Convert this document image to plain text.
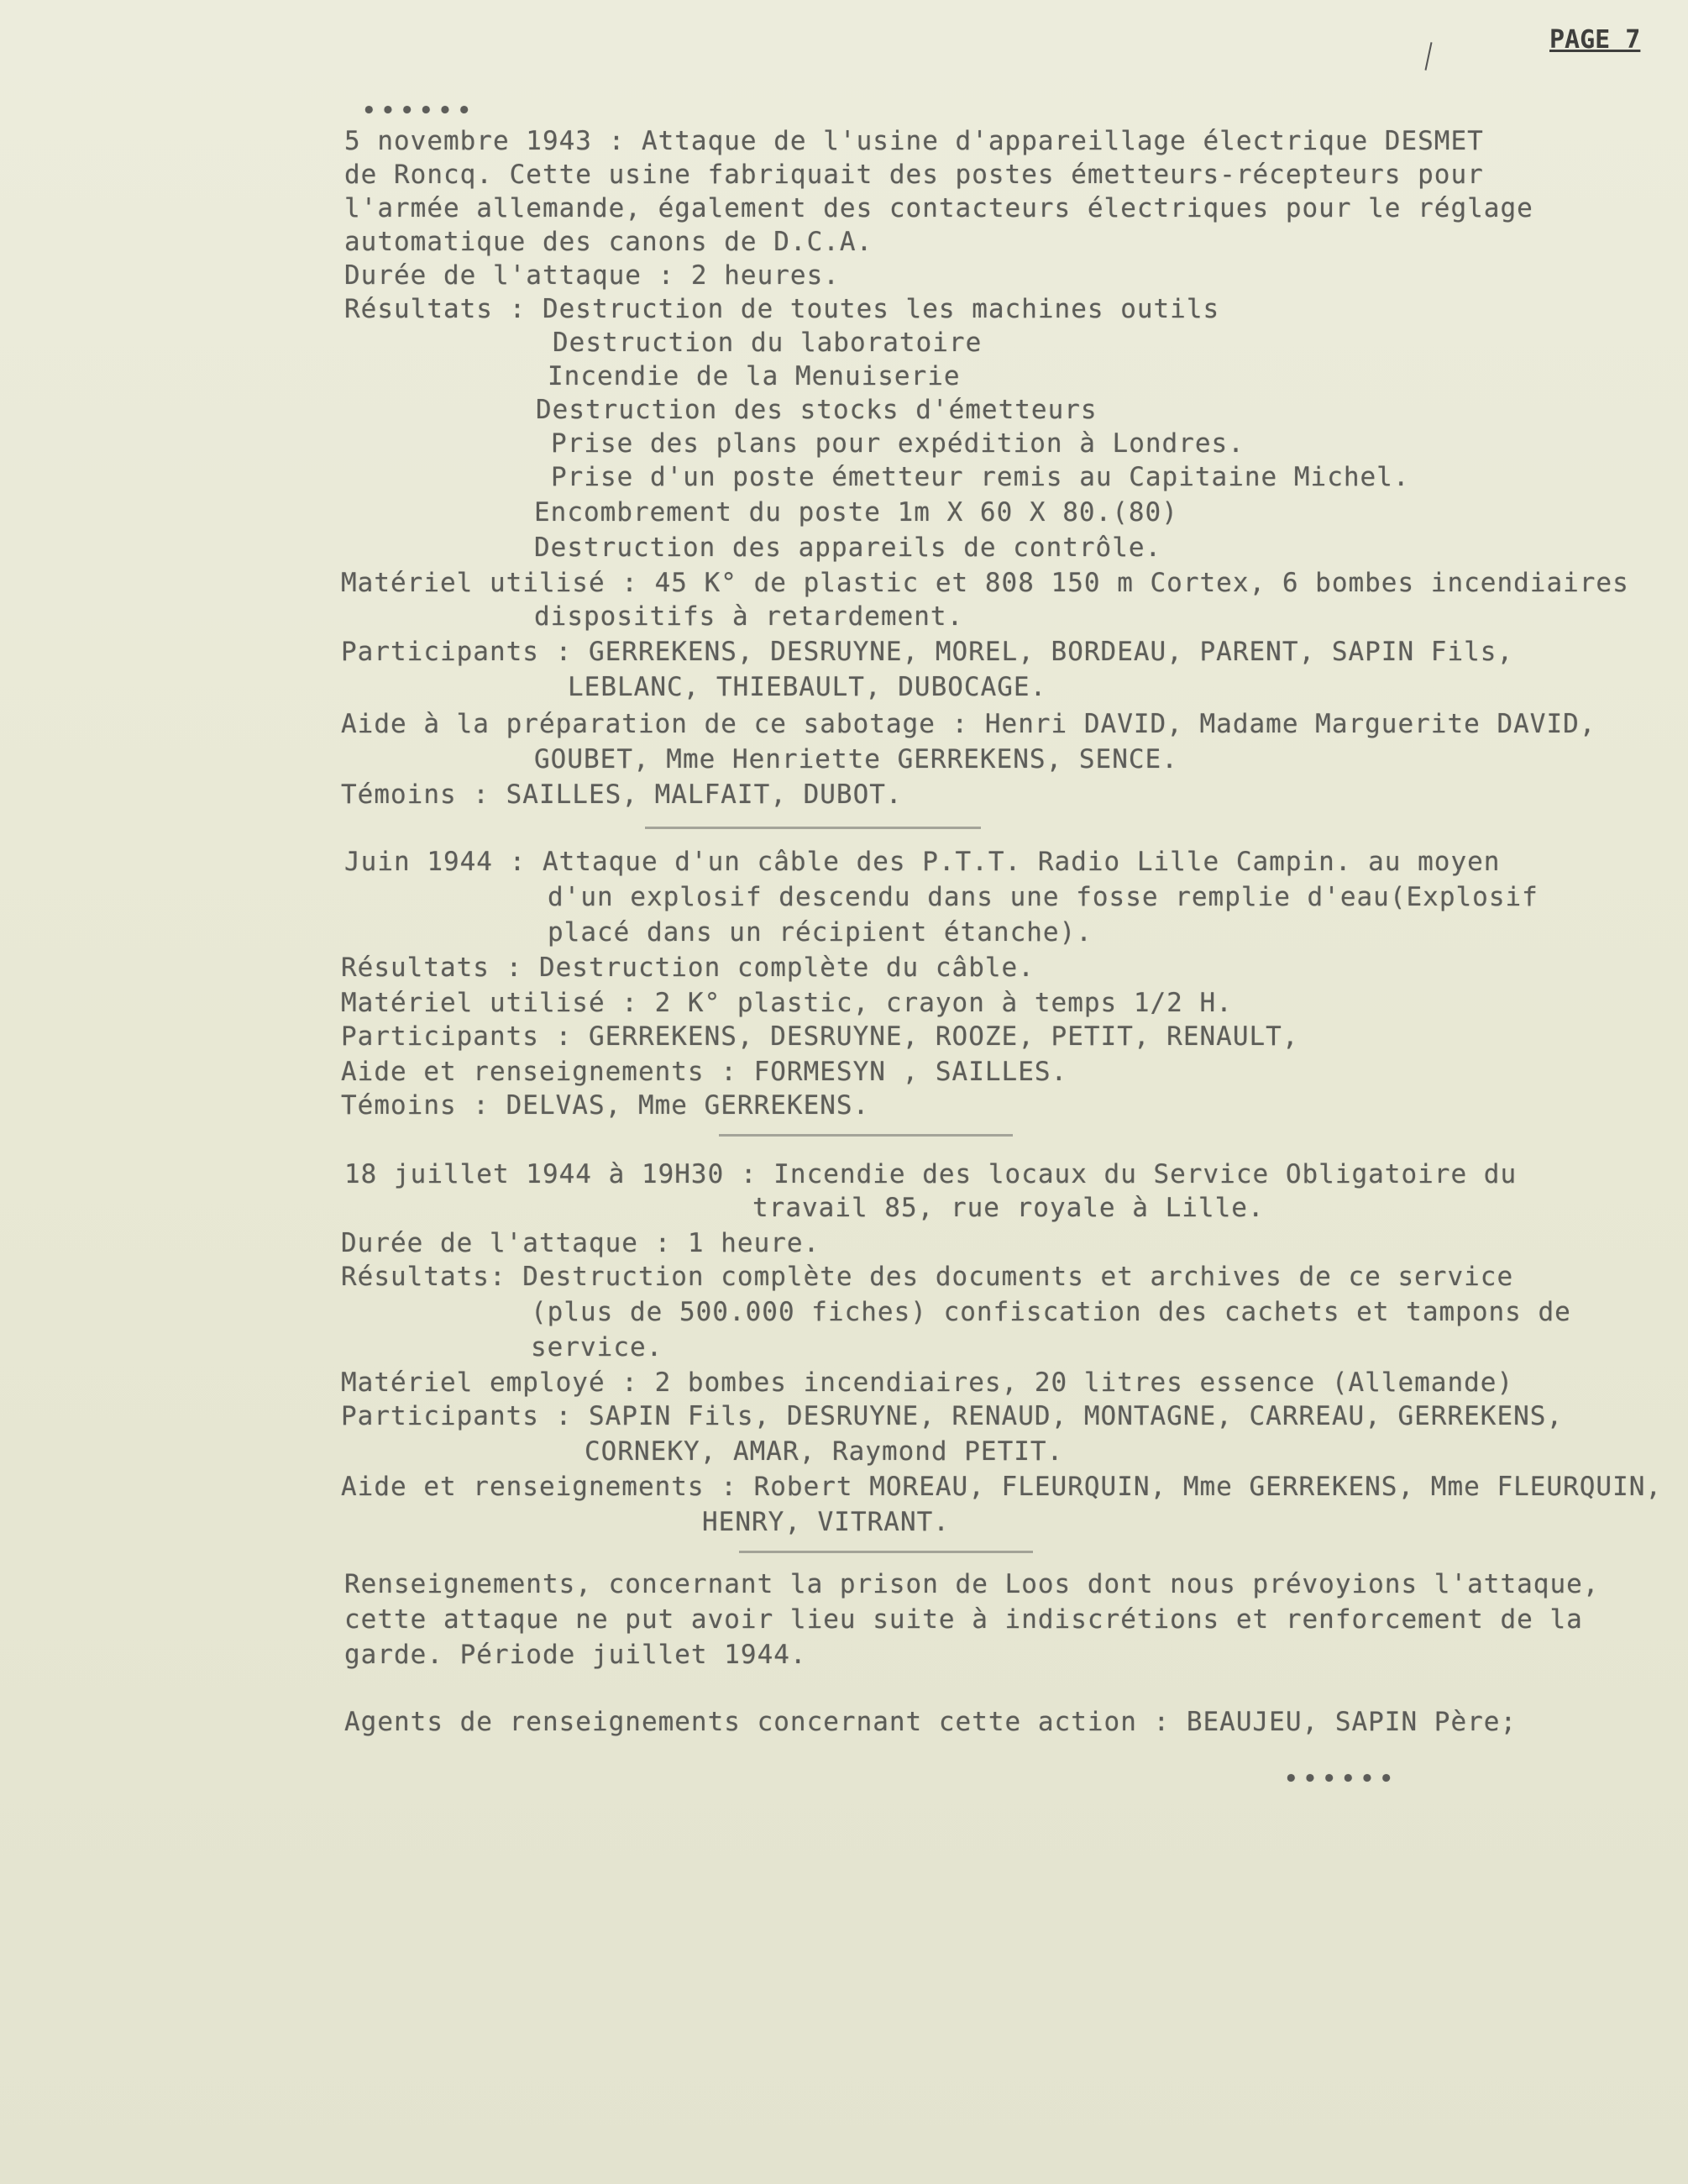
PAGE 7
••••••
5 novembre 1943 : Attaque de l'usine d'appareillage électrique DESMET
de Roncq. Cette usine fabriquait des postes émetteurs-récepteurs pour
l'armée allemande, également des contacteurs électriques pour le réglage
automatique des canons de D.C.A.
Durée de l'attaque : 2 heures.
Résultats : Destruction de toutes les machines outils
Destruction du laboratoire
Incendie de la Menuiserie
Destruction des stocks d'émetteurs
Prise des plans pour expédition à Londres.
Prise d'un poste émetteur remis au Capitaine Michel.
Encombrement du poste 1m X 60 X 80.(80)
Destruction des appareils de contrôle.
Matériel utilisé : 45 K° de plastic et 808 150 m Cortex, 6 bombes incendiaires
dispositifs à retardement.
Participants : GERREKENS, DESRUYNE, MOREL, BORDEAU, PARENT, SAPIN Fils,
LEBLANC, THIEBAULT, DUBOCAGE.
Aide à la préparation de ce sabotage : Henri DAVID, Madame Marguerite DAVID,
GOUBET, Mme Henriette GERREKENS, SENCE.
Témoins : SAILLES, MALFAIT, DUBOT.
Juin 1944 : Attaque d'un câble des P.T.T. Radio Lille Campin. au moyen
d'un explosif descendu dans une fosse remplie d'eau(Explosif
placé dans un récipient étanche).
Résultats : Destruction complète du câble.
Matériel utilisé : 2 K° plastic, crayon à temps 1/2 H.
Participants : GERREKENS, DESRUYNE, ROOZE, PETIT, RENAULT,
Aide et renseignements : FORMESYN , SAILLES.
Témoins : DELVAS, Mme GERREKENS.
18 juillet 1944 à 19H30 : Incendie des locaux du Service Obligatoire du
travail 85, rue royale à Lille.
Durée de l'attaque : 1 heure.
Résultats: Destruction complète des documents et archives de ce service
(plus de 500.000 fiches) confiscation des cachets et tampons de
service.
Matériel employé : 2 bombes incendiaires, 20 litres essence (Allemande)
Participants : SAPIN Fils, DESRUYNE, RENAUD, MONTAGNE, CARREAU, GERREKENS,
CORNEKY, AMAR, Raymond PETIT.
Aide et renseignements : Robert MOREAU, FLEURQUIN, Mme GERREKENS, Mme FLEURQUIN,
HENRY, VITRANT.
Renseignements, concernant la prison de Loos dont nous prévoyions l'attaque,
cette attaque ne put avoir lieu suite à indiscrétions et renforcement de la
garde. Période juillet 1944.
Agents de renseignements concernant cette action : BEAUJEU, SAPIN Père;
••••••
